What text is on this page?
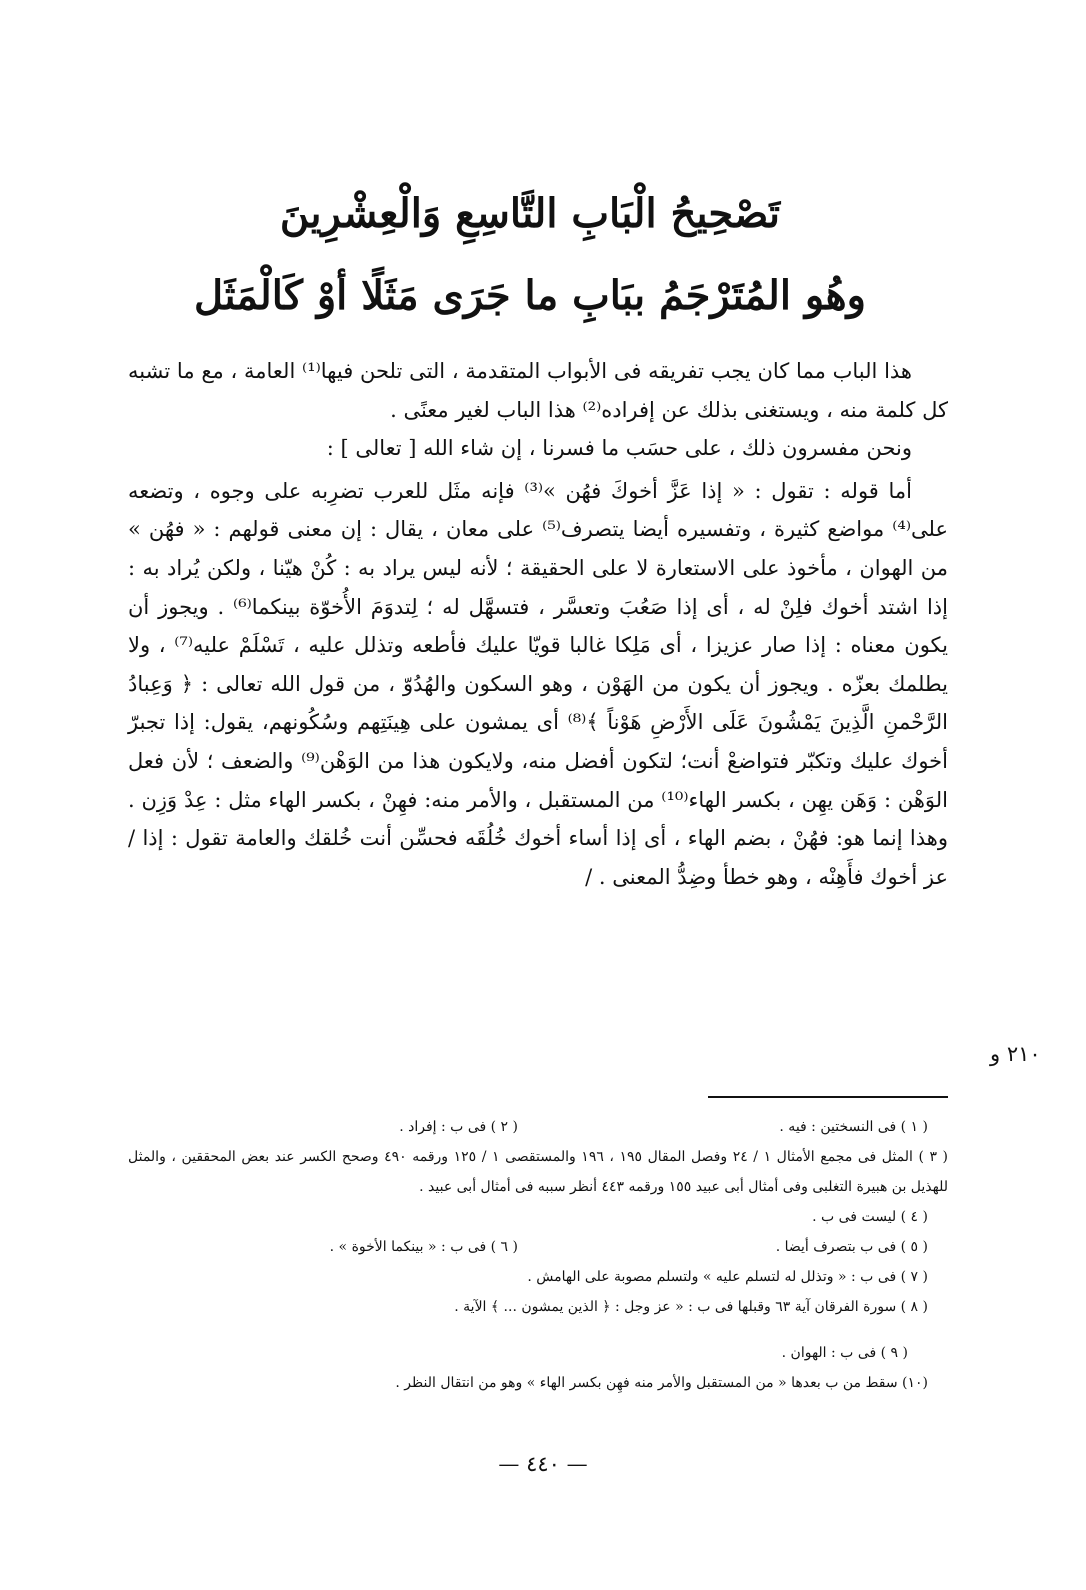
تَصْحِيحُ الْبَابِ التَّاسِعِ وَالْعِشْرِينَ
وهُو المُتَرْجَمُ ببَابِ ما جَرَى مَثَلًا أوْ كَالْمَثَل

هذا الباب مما كان يجب تفريقه فى الأبواب المتقدمة ، التى تلحن فيها⁽¹⁾ العامة ، مع ما تشبه كل كلمة منه ، ويستغنى بذلك عن إفراده⁽²⁾ هذا الباب لغير معنًى .

ونحن مفسرون ذلك ، على حسَب ما فسرنا ، إن شاء الله [ تعالى ] :

أما قوله : تقول : « إذا عَزَّ أخوكَ فهُن »⁽³⁾ فإنه مثَل للعرب تضرِبه على وجوه ، وتضعه على⁽⁴⁾ مواضع كثيرة ، وتفسيره أيضا يتصرف⁽⁵⁾ على معان ، يقال : إن معنى قولهم : « فهُن » من الهوان ، مأخوذ على الاستعارة لا على الحقيقة ؛ لأنه ليس يراد به : كُنْ هيّنا ، ولكن يُراد به : إذا اشتد أخوك فلِنْ له ، أى إذا صَعُبَ وتعسَّر ، فتسهَّل له ؛ لِتدوَمَ الأُخوّة بينكما⁽⁶⁾ . ويجوز أن يكون معناه : إذا صار عزيزا ، أى مَلِكا غالبا قويّا عليك فأطعه وتذلل عليه ، تَسْلَمْ عليه⁽⁷⁾ ، ولا يطلمك بعزّه . ويجوز أن يكون من الهَوْن ، وهو السكون والهُدُوّ ، من قول الله تعالى : ﴿ وَعِبادُ الرَّحْمنِ الَّذِينَ يَمْشُونَ عَلَى الأَرْضِ هَوْناً ﴾⁽⁸⁾ أى يمشون على هِينَتِهم وسُكُونهم، يقول: إذا تجبرّ أخوك عليك وتكبّر فتواضعْ أنت؛ لتكون أفضل منه، ولايكون هذا من الوَهْن⁽⁹⁾ والضعف ؛ لأن فعل الوَهْن : وَهَن يهِن ، بكسر الهاء⁽¹⁰⁾ من المستقبل ، والأمر منه: فهِنْ ، بكسر الهاء مثل : عِدْ وَزِن . وهذا إنما هو: فهُنْ ، بضم الهاء ، أى إذا أساء أخوك خُلُقَه فحسِّن أنت خُلقك والعامة تقول : إذا / عز أخوك فأَهِنْه ، وهو خطأ وضِدُّ المعنى . /

٢١٠ و
( ١ ) فى النسختين : فيه .
( ٢ ) فى ب : إفراد .
( ٣ ) المثل فى مجمع الأمثال ١ / ٢٤ وفصل المقال ١٩٥ ، ١٩٦ والمستقصى ١ / ١٢٥ ورقمه ٤٩٠ وصحح الكسر عند بعض المحققين ، والمثل للهذيل بن هبيرة التغلبى وفى أمثال أبى عبيد ١٥٥ ورقمه ٤٤٣ أنظر سببه فى أمثال أبى عبيد .
( ٤ ) ليست فى ب .
( ٥ ) فى ب بتصرف أيضا .
( ٦ ) فى ب : « بينكما الأخوة » .
( ٧ ) فى ب : « وتذلل له لتسلم عليه » ولتسلم مصوبة على الهامش .
( ٨ ) سورة الفرقان آية ٦٣ وقبلها فى ب : « عز وجل : ﴿ الذين يمشون ... ﴾ الآية .
( ٩ ) فى ب : الهوان .
(١٠) سقط من ب بعدها « من المستقبل والأمر منه فهِن بكسر الهاء » وهو من انتقال النظر .
— ٤٤٠ —
